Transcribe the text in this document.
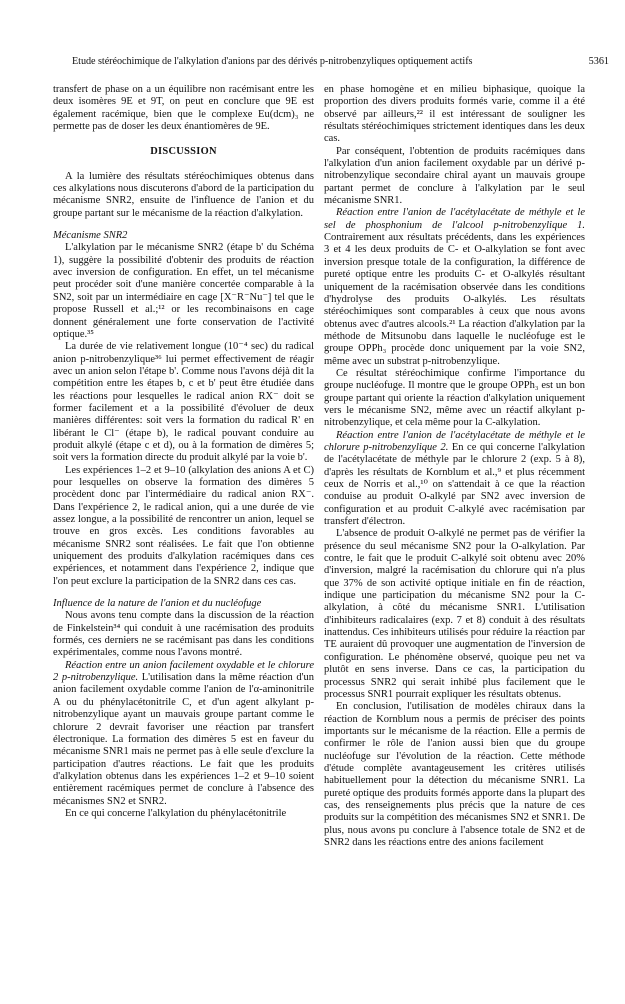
Etude stéréochimique de l'alkylation d'anions par des dérivés p-nitrobenzyliques optiquement actifs	5361

transfert de phase on a un équilibre non racémisant entre les deux isomères 9E et 9T, on peut en conclure que 9E est également racémique, bien que le complexe Eu(dcm)₃ ne permette pas de doser les deux énantiomères de 9E.

DISCUSSION

A la lumière des résultats stéréochimiques obtenus dans ces alkylations nous discuterons d'abord de la participation du mécanisme SNR2, ensuite de l'influence de l'anion et du groupe partant sur le mécanisme de la réaction d'alkylation.

Mécanisme SNR2

L'alkylation par le mécanisme SNR2 (étape b' du Schéma 1), suggère la possibilité d'obtenir des produits de réaction avec inversion de configuration. En effet, un tel mécanisme peut procéder soit d'une manière concertée comparable à la SN2, soit par un intermédiaire en cage [X⁻R⁻Nu⁻] tel que le propose Russell et al.;¹² or les recombinaisons en cage donnent généralement une forte conservation de l'activité optique.³⁵

La durée de vie relativement longue (10⁻⁴ sec) du radical anion p-nitrobenzylique³⁶ lui permet effectivement de réagir avec un anion selon l'étape b'. Comme nous l'avons déjà dit la compétition entre les étapes b, c et b' peut être étudiée dans les réactions pour lesquelles le radical anion RX⁻ doit se former facilement et a la possibilité d'évoluer de deux manières différentes: soit vers la formation du radical R' en libérant le Cl⁻ (étape b), le radical pouvant conduire au produit alkylé (étape c et d), ou à la formation de dimères 5; soit vers la formation directe du produit alkylé par la voie b'.

Les expériences 1–2 et 9–10 (alkylation des anions A et C) pour lesquelles on observe la formation des dimères 5 procèdent donc par l'intermédiaire du radical anion RX⁻. Dans l'expérience 2, le radical anion, qui a une durée de vie assez longue, a la possibilité de rencontrer un anion, lequel se trouve en gros excès. Les conditions favorables au mécanisme SNR2 sont réalisées. Le fait que l'on obtienne uniquement des produits d'alkylation racémiques dans ces expériences, et notamment dans l'expérience 2, indique que l'on peut exclure la participation de la SNR2 dans ces cas.

Influence de la nature de l'anion et du nucléofuge

Nous avons tenu compte dans la discussion de la réaction de Finkelstein³⁴ qui conduit à une racémisation des produits formés, ces derniers ne se racémisant pas dans les conditions expérimentales, comme nous l'avons montré.

Réaction entre un anion facilement oxydable et le chlorure 2 p-nitrobenzylique. L'utilisation dans la même réaction d'un anion facilement oxydable comme l'anion de l'α-aminonitrile A ou du phénylacétonitrile C, et d'un agent alkylant p-nitrobenzylique ayant un mauvais groupe partant comme le chlorure 2 devrait favoriser une réaction par transfert électronique. La formation des dimères 5 est en faveur du mécanisme SNR1 mais ne permet pas à elle seule d'exclure la participation d'autres réactions. Le fait que les produits d'alkylation obtenus dans les expériences 1–2 et 9–10 soient entièrement racémiques permet de conclure à l'absence des mécanismes SN2 et SNR2.

En ce qui concerne l'alkylation du phénylacétonitrile

en phase homogène et en milieu biphasique, quoique la proportion des divers produits formés varie, comme il a été observé par ailleurs,²² il est intéressant de souligner les résultats stéréochimiques strictement identiques dans les deux cas.

Par conséquent, l'obtention de produits racémiques dans l'alkylation d'un anion facilement oxydable par un dérivé p-nitrobenzylique secondaire chiral ayant un mauvais groupe partant permet de conclure à l'alkylation par le seul mécanisme SNR1.

Réaction entre l'anion de l'acétylacétate de méthyle et le sel de phosphonium de l'alcool p-nitrobenzylique 1. Contrairement aux résultats précédents, dans les expériences 3 et 4 les deux produits de C- et O-alkylation se font avec inversion presque totale de la configuration, la différence de pureté optique entre les produits C- et O-alkylés résultant uniquement de la racémisation observée dans les conditions d'hydrolyse des produits O-alkylés. Les résultats stéréochimiques sont comparables à ceux que nous avons obtenus avec d'autres alcools.²¹ La réaction d'alkylation par la méthode de Mitsunobu dans laquelle le nucléofuge est le groupe OPPh₃ procède donc uniquement par la voie SN2, même avec un substrat p-nitrobenzylique.

Ce résultat stéréochimique confirme l'importance du groupe nucléofuge. Il montre que le groupe OPPh₃ est un bon groupe partant qui oriente la réaction d'alkylation uniquement vers le mécanisme SN2, même avec un réactif alkylant p-nitrobenzylique, et cela même pour la C-alkylation.

Réaction entre l'anion de l'acétylacétate de méthyle et le chlorure p-nitrobenzylique 2. En ce qui concerne l'alkylation de l'acétylacétate de méthyle par le chlorure 2 (exp. 5 à 8), d'après les résultats de Kornblum et al.,⁹ et plus récemment ceux de Norris et al.,¹⁰ on s'attendait à ce que la réaction conduise au produit O-alkylé par SN2 avec inversion de configuration et au produit C-alkylé avec racémisation par transfert d'électron.

L'absence de produit O-alkylé ne permet pas de vérifier la présence du seul mécanisme SN2 pour la O-alkylation. Par contre, le fait que le produit C-alkylé soit obtenu avec 20% d'inversion, malgré la racémisation du chlorure qui n'a plus que 37% de son activité optique initiale en fin de réaction, indique une participation du mécanisme SN2 pour la C-alkylation, à côté du mécanisme SNR1. L'utilisation d'inhibiteurs radicalaires (exp. 7 et 8) conduit à des résultats inattendus. Ces inhibiteurs utilisés pour réduire la réaction par TE auraient dû provoquer une augmentation de l'inversion de configuration. Le phénomène observé, quoique peu net va plutôt en sens inverse. Dans ce cas, la participation du processus SNR2 qui serait inhibé plus facilement que le processus SNR1 pourrait expliquer les résultats obtenus.

En conclusion, l'utilisation de modèles chiraux dans la réaction de Kornblum nous a permis de préciser des points importants sur le mécanisme de la réaction. Elle a permis de confirmer le rôle de l'anion aussi bien que du groupe nucléofuge sur l'évolution de la réaction. Cette méthode d'étude complète avantageusement les critères utilisés habituellement pour la détection du mécanisme SNR1. La pureté optique des produits formés apporte dans la plupart des cas, des renseignements plus précis que la nature de ces produits sur la compétition des mécanismes SN2 et SNR1. De plus, nous avons pu conclure à l'absence totale de SN2 et de SNR2 dans les réactions entre des anions facilement
